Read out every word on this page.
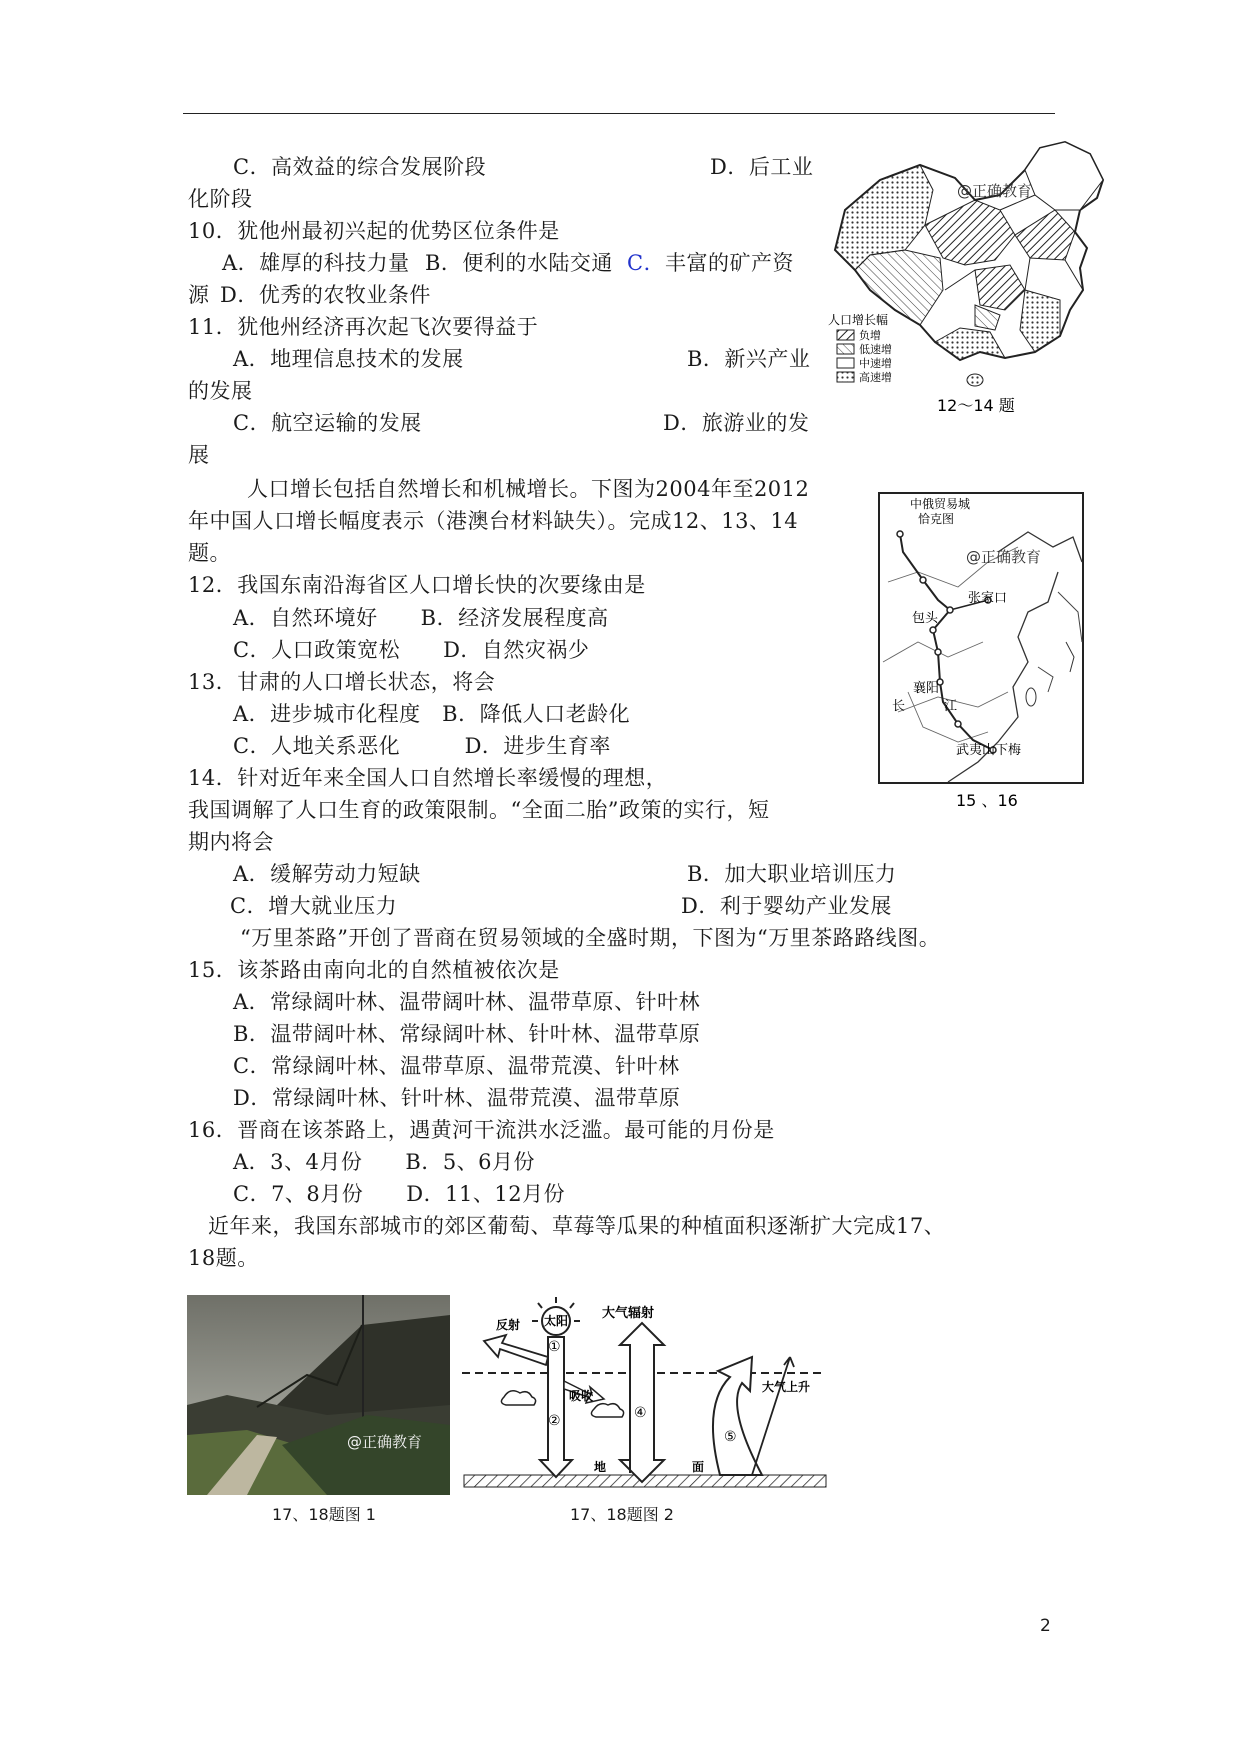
C．高效益的综合发展阶段	D．后工业
化阶段
10．犹他州最初兴起的优势区位条件是
A．雄厚的科技力量 B．便利的水陆交通 C． 丰富的矿产资
源 D．优秀的农牧业条件
11．犹他州经济再次起飞次要得益于
A．地理信息技术的发展	B．新兴产业
的发展
C．航空运输的发展	D．旅游业的发
展
人口增长包括自然增长和机械增长。下图为2004年至2012
年中国人口增长幅度表示（港澳台材料缺失）。完成12、13、14
题。
12．我国东南沿海省区人口增长快的次要缘由是
A．自然环境好　　B．经济发展程度高
C．人口政策宽松　　D．自然灾祸少
13．甘肃的人口增长状态，将会
A．进步城市化程度　B．降低人口老龄化
C．人地关系恶化　　　D．进步生育率
14．针对近年来全国人口自然增长率缓慢的理想，
我国调解了人口生育的政策限制。“全面二胎”政策的实行，短
期内将会
A．缓解劳动力短缺	B．加大职业培训压力
C．增大就业压力	D．利于婴幼产业发展
“万里茶路”开创了晋商在贸易领域的全盛时期，下图为“万里茶路路线图。
15．该茶路由南向北的自然植被依次是
A．常绿阔叶林、温带阔叶林、温带草原、针叶林
B．温带阔叶林、常绿阔叶林、针叶林、温带草原
C．常绿阔叶林、温带草原、温带荒漠、针叶林
D．常绿阔叶林、针叶林、温带荒漠、温带草原
16．晋商在该茶路上，遇黄河干流洪水泛滥。最可能的月份是
A．3、4月份　　B．5、6月份
C．7、8月份　　D．11、12月份
近年来，我国东部城市的郊区葡萄、草莓等瓜果的种植面积逐渐扩大完成17、
18题。
@正确教育
人口增长幅
负增
低速增
中速增
高速增
12～14 题
中俄贸易城
恰克图
@正确教育
张家口
包头
襄阳
长	江
武夷山下梅
15 、16
@正确教育
17、18题图 1
太阳
①
②
反射
吸收
大气辐射
④
大气上升
⑤
地	面
17、18题图 2
2
